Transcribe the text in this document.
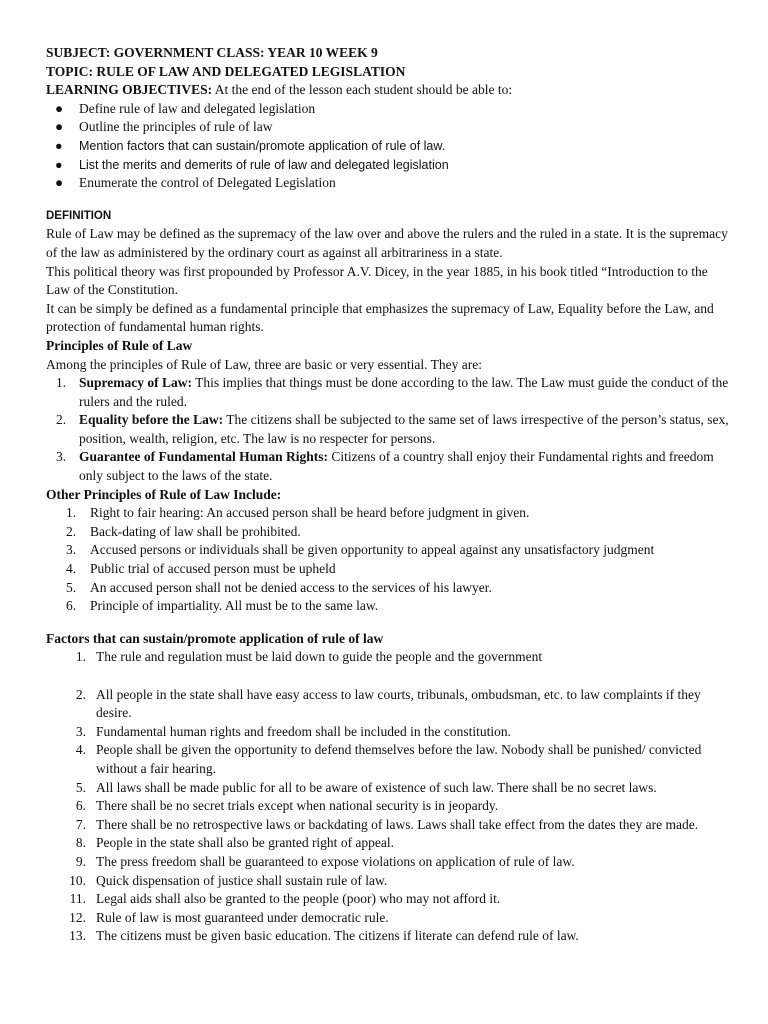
SUBJECT: GOVERNMENT CLASS: YEAR 10 WEEK 9
TOPIC: RULE OF LAW AND DELEGATED LEGISLATION
LEARNING OBJECTIVES: At the end of the lesson each student should be able to:
● Define rule of law and delegated legislation
● Outline the principles of rule of law
● Mention factors that can sustain/promote application of rule of law.
● List the merits and demerits of rule of law and delegated legislation
● Enumerate the control of Delegated Legislation
DEFINITION

Rule of Law may be defined as the supremacy of the law over and above the rulers and the ruled in a state. It is the supremacy of the law as administered by the ordinary court as against all arbitrariness in a state.

This political theory was first propounded by Professor A.V. Dicey, in the year 1885, in his book titled “Introduction to the Law of the Constitution.

It can be simply be defined as a fundamental principle that emphasizes the supremacy of Law, Equality before the Law, and protection of fundamental human rights.

Principles of Rule of Law
Among the principles of Rule of Law, three are basic or very essential. They are:
1. Supremacy of Law: This implies that things must be done according to the law. The Law must guide the conduct of the rulers and the ruled.
2. Equality before the Law: The citizens shall be subjected to the same set of laws irrespective of the person’s status, sex, position, wealth, religion, etc. The law is no respecter for persons.
3. Guarantee of Fundamental Human Rights: Citizens of a country shall enjoy their Fundamental rights and freedom only subject to the laws of the state.
Other Principles of Rule of Law Include:
1.	Right to fair hearing: An accused person shall be heard before judgment in given.
2.	Back-dating of law shall be prohibited.
3.	Accused persons or individuals shall be given opportunity to appeal against any unsatisfactory judgment
4.	Public trial of accused person must be upheld
5.	An accused person shall not be denied access to the services of his lawyer.
6.	Principle of impartiality. All must be to the same law.
Factors that can sustain/promote application of rule of law
1. The rule and regulation must be laid down to guide the people and the government
2. All people in the state shall have easy access to law courts, tribunals, ombudsman, etc. to law complaints if they desire.
3. Fundamental human rights and freedom shall be included in the constitution.
4. People shall be given the opportunity to defend themselves before the law. Nobody shall be punished/ convicted without a fair hearing.
5. All laws shall be made public for all to be aware of existence of such law. There shall be no secret laws.
6. There shall be no secret trials except when national security is in jeopardy.
7. There shall be no retrospective laws or backdating of laws. Laws shall take effect from the dates they are made.
8. People in the state shall also be granted right of appeal.
9. The press freedom shall be guaranteed to expose violations on application of rule of law.
10. Quick dispensation of justice shall sustain rule of law.
11. Legal aids shall also be granted to the people (poor) who may not afford it.
12. Rule of law is most guaranteed under democratic rule.
13. The citizens must be given basic education. The citizens if literate can defend rule of law.
